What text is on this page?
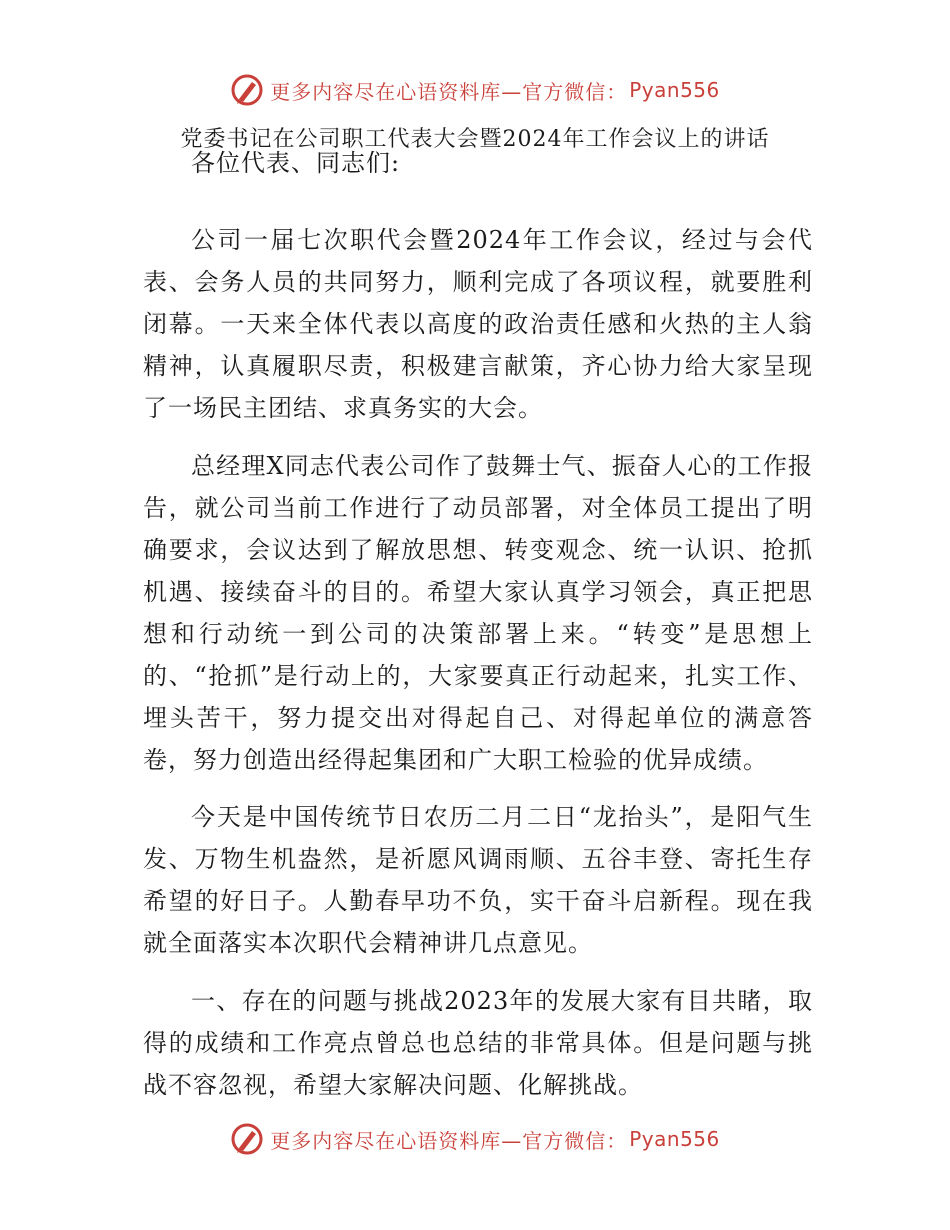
更多内容尽在心语资料库—官方微信： Pyan556
党委书记在公司职工代表大会暨2024年工作会议上的讲话

各位代表、同志们:

公司一届七次职代会暨2024年工作会议，经过与会代表、会务人员的共同努力，顺利完成了各项议程，就要胜利闭幕。一天来全体代表以高度的政治责任感和火热的主人翁精神，认真履职尽责，积极建言献策，齐心协力给大家呈现了一场民主团结、求真务实的大会。

总经理X同志代表公司作了鼓舞士气、振奋人心的工作报告，就公司当前工作进行了动员部署，对全体员工提出了明确要求，会议达到了解放思想、转变观念、统一认识、抢抓机遇、接续奋斗的目的。希望大家认真学习领会，真正把思想和行动统一到公司的决策部署上来。“转变”是思想上的、“抢抓”是行动上的，大家要真正行动起来，扎实工作、埋头苦干，努力提交出对得起自己、对得起单位的满意答卷，努力创造出经得起集团和广大职工检验的优异成绩。

今天是中国传统节日农历二月二日“龙抬头”，是阳气生发、万物生机盎然，是祈愿风调雨顺、五谷丰登、寄托生存希望的好日子。人勤春早功不负，实干奋斗启新程。现在我就全面落实本次职代会精神讲几点意见。

一、存在的问题与挑战2023年的发展大家有目共睹，取得的成绩和工作亮点曾总也总结的非常具体。但是问题与挑战不容忽视，希望大家解决问题、化解挑战。

更多内容尽在心语资料库—官方微信： Pyan556
